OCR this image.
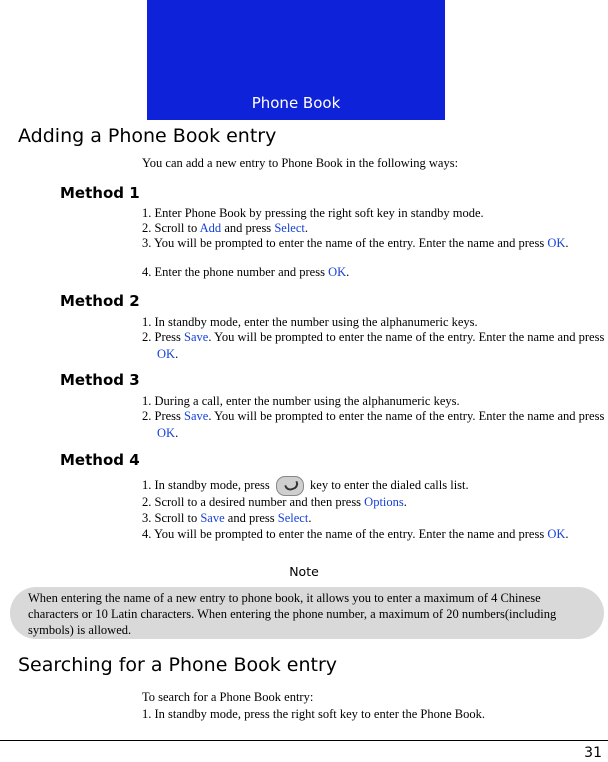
Phone Book
Adding a Phone Book entry

You can add a new entry to Phone Book in the following ways:

Method 1
1. Enter Phone Book by pressing the right soft key in standby mode.
2. Scroll to Add and press Select.
3. You will be prompted to enter the name of the entry. Enter the name and press OK.
4. Enter the phone number and press OK.
Method 2
1. In standby mode, enter the number using the alphanumeric keys.
2. Press Save. You will be prompted to enter the name of the entry. Enter the name and press OK.
Method 3
1. During a call, enter the number using the alphanumeric keys.
2. Press Save. You will be prompted to enter the name of the entry. Enter the name and press OK.
Method 4
1. In standby mode, press	key to enter the dialed calls list.
2. Scroll to a desired number and then press Options.
3. Scroll to Save and press Select.
4. You will be prompted to enter the name of the entry. Enter the name and press OK.
Note
When entering the name of a new entry to phone book, it allows you to enter a maximum of 4 Chinese characters or 10 Latin characters. When entering the phone number, a maximum of 20 numbers(including symbols) is allowed.
Searching for a Phone Book entry

To search for a Phone Book entry:

1. In standby mode, press the right soft key to enter the Phone Book.
31
